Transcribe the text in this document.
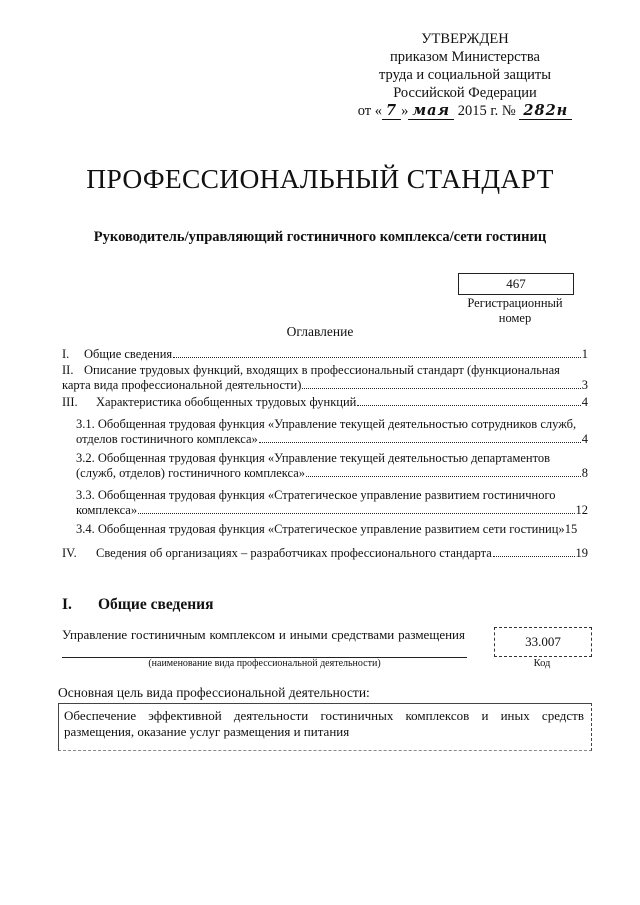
УТВЕРЖДЕН
приказом Министерства
труда и социальной защиты
Российской Федерации
от « 7 » мая 2015 г. № 282н
ПРОФЕССИОНАЛЬНЫЙ СТАНДАРТ
Руководитель/управляющий гостиничного комплекса/сети гостиниц
467
Регистрационный
номер
Оглавление
I.	Общие сведения	1
II. Описание трудовых функций, входящих в профессиональный стандарт (функциональная
карта вида профессиональной деятельности)	3
III.	Характеристика обобщенных трудовых функций	4
3.1. Обобщенная трудовая функция «Управление текущей деятельностью сотрудников служб,
отделов гостиничного комплекса»	4
3.2. Обобщенная трудовая функция «Управление текущей деятельностью департаментов
(служб, отделов) гостиничного комплекса»	8
3.3. Обобщенная трудовая функция «Стратегическое управление развитием гостиничного
комплекса»	12
3.4. Обобщенная трудовая функция «Стратегическое управление развитием сети гостиниц» 15
IV.	Сведения об организациях – разработчиках профессионального стандарта	19
I. Общие сведения
Управление гостиничным комплексом и иными средствами размещения
(наименование вида профессиональной деятельности)
33.007
Код
Основная цель вида профессиональной деятельности:
Обеспечение эффективной деятельности гостиничных комплексов и иных средств размещения, оказание услуг размещения и питания
